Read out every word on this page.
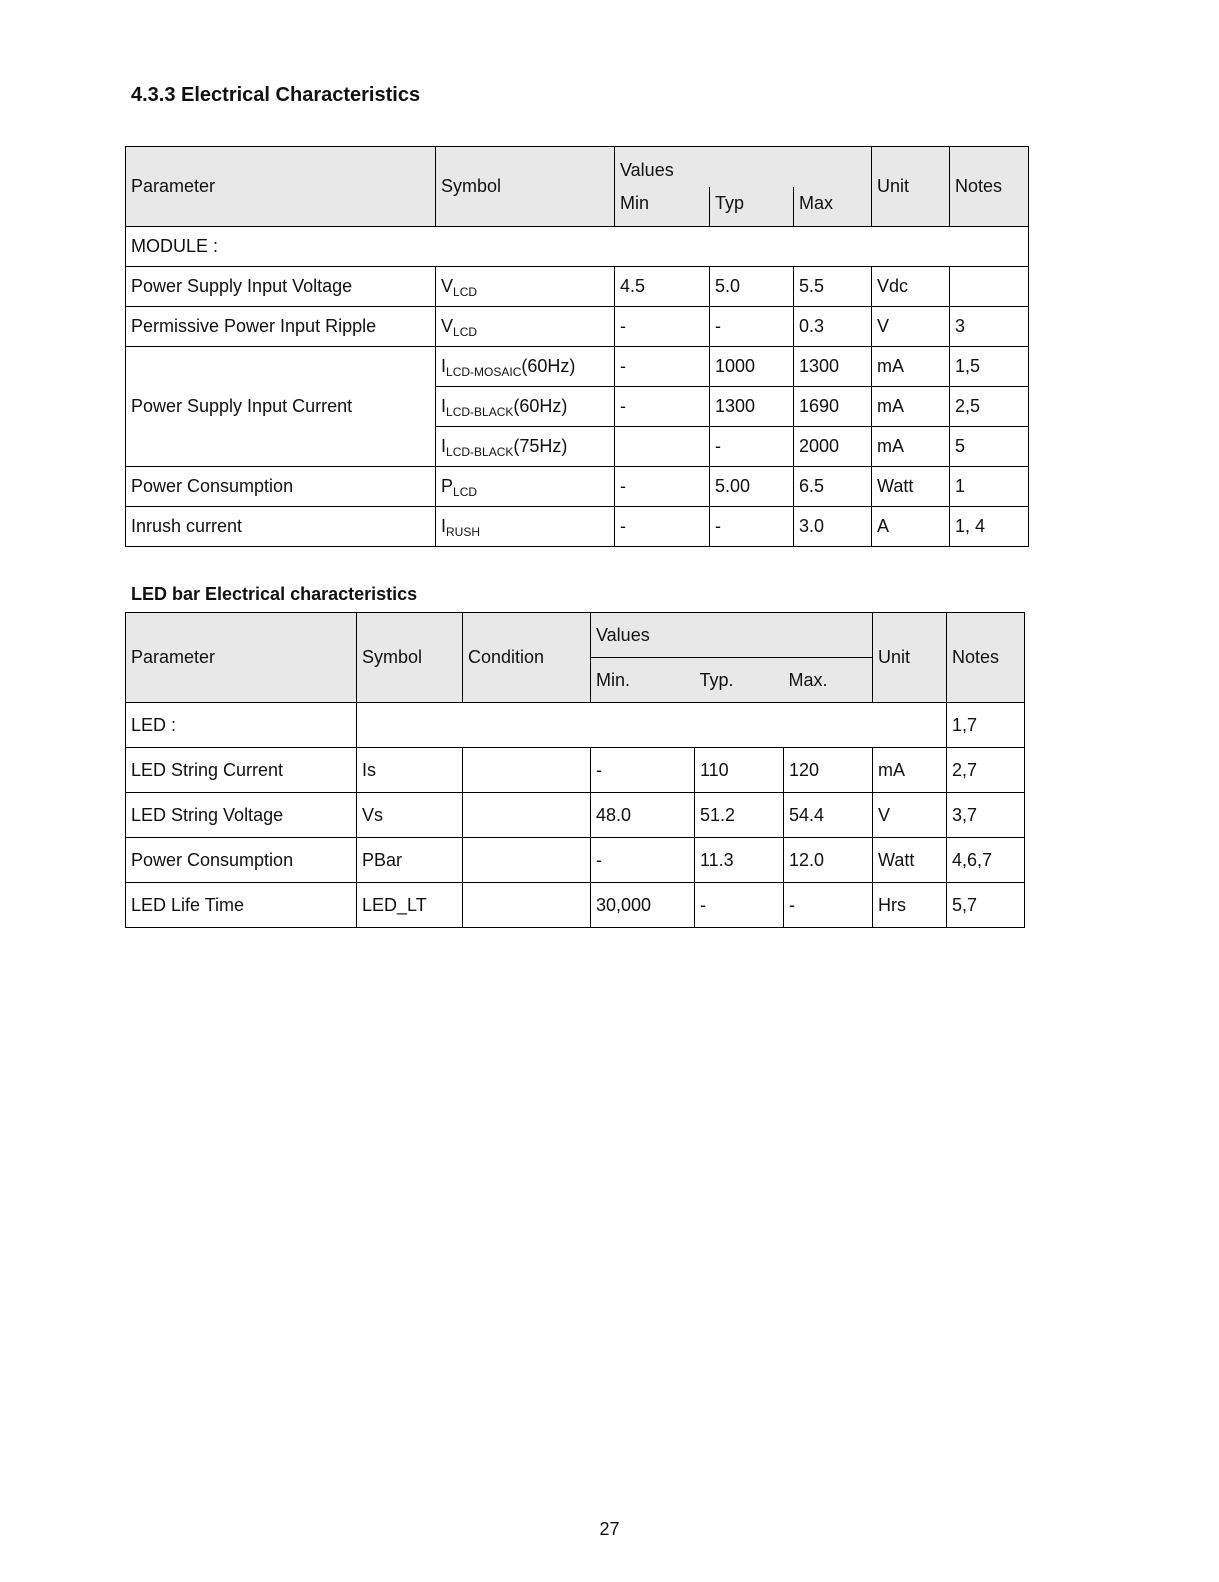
4.3.3 Electrical Characteristics
Parameter	Symbol	Values			Unit	Notes
		Min	Typ	Max		
MODULE :						
Power Supply Input Voltage	$V_{LCD}$	4.5	5.0	5.5	Vdc	
Permissive Power Input Ripple	$V_{LCD}$	-	-	0.3	V	3
Power Supply Input Current	$I_{LCD-MOSAIC}(60Hz)$	-	1000	1300	mA	1,5
	$I_{LCD-BLACK}(60Hz)$	-	1300	1690	mA	2,5
	$I_{LCD-BLACK}(75Hz)$		-	2000	mA	5
Power Consumption	$P_{LCD}$	-	5.00	6.5	Watt	1
Inrush current	$I_{RUSH}$	-	-	3.0	A	1, 4
LED bar Electrical characteristics
Parameter	Symbol	Condition	Values			Unit	Notes
			Min.	Typ.	Max.		
LED :							1,7
LED String Current	Is		-	110	120	mA	2,7
LED String Voltage	Vs		48.0	51.2	54.4	V	3,7
Power Consumption	PBar		-	11.3	12.0	Watt	4,6,7
LED Life Time	LED_LT		30,000	-	-	Hrs	5,7
27
